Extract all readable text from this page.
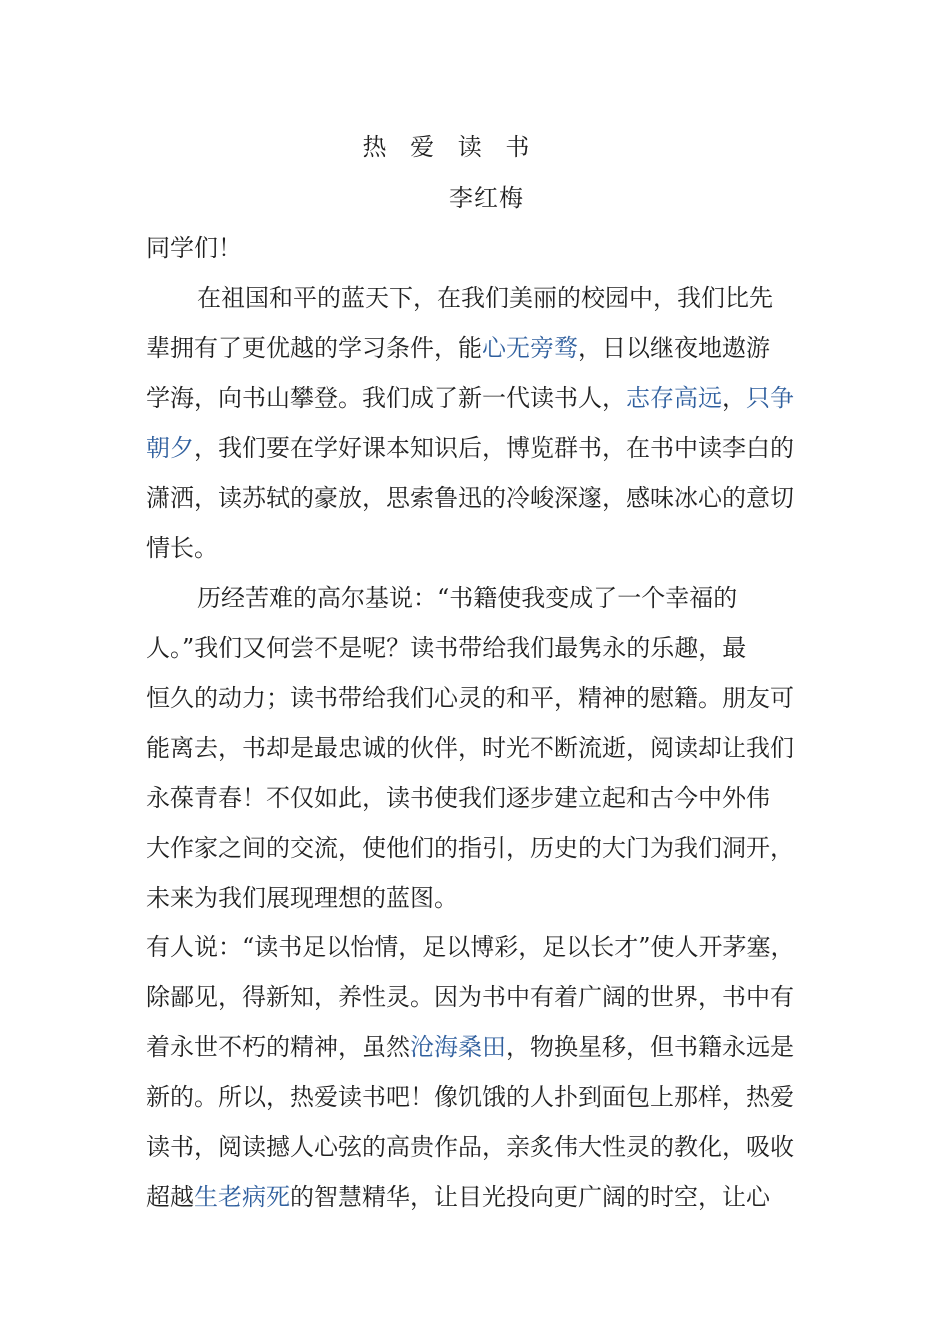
热 爱 读 书
李红梅
同学们！
在祖国和平的蓝天下，在我们美丽的校园中，我们比先
辈拥有了更优越的学习条件，能心无旁骛，日以继夜地遨游
学海，向书山攀登。我们成了新一代读书人，志存高远，只争
朝夕，我们要在学好课本知识后，博览群书，在书中读李白的
潇洒，读苏轼的豪放，思索鲁迅的冷峻深邃，感味冰心的意切
情长。
历经苦难的高尔基说：“书籍使我变成了一个幸福的
人。”我们又何尝不是呢？读书带给我们最隽永的乐趣，最
恒久的动力；读书带给我们心灵的和平，精神的慰籍。朋友可
能离去，书却是最忠诚的伙伴，时光不断流逝，阅读却让我们
永葆青春！不仅如此，读书使我们逐步建立起和古今中外伟
大作家之间的交流，使他们的指引，历史的大门为我们洞开，
未来为我们展现理想的蓝图。
有人说：“读书足以怡情，足以博彩，足以长才”使人开茅塞，
除鄙见，得新知，养性灵。因为书中有着广阔的世界，书中有
着永世不朽的精神，虽然沧海桑田，物换星移，但书籍永远是
新的。所以，热爱读书吧！像饥饿的人扑到面包上那样，热爱
读书，阅读撼人心弦的高贵作品，亲炙伟大性灵的教化，吸收
超越生老病死的智慧精华，让目光投向更广阔的时空，让心
